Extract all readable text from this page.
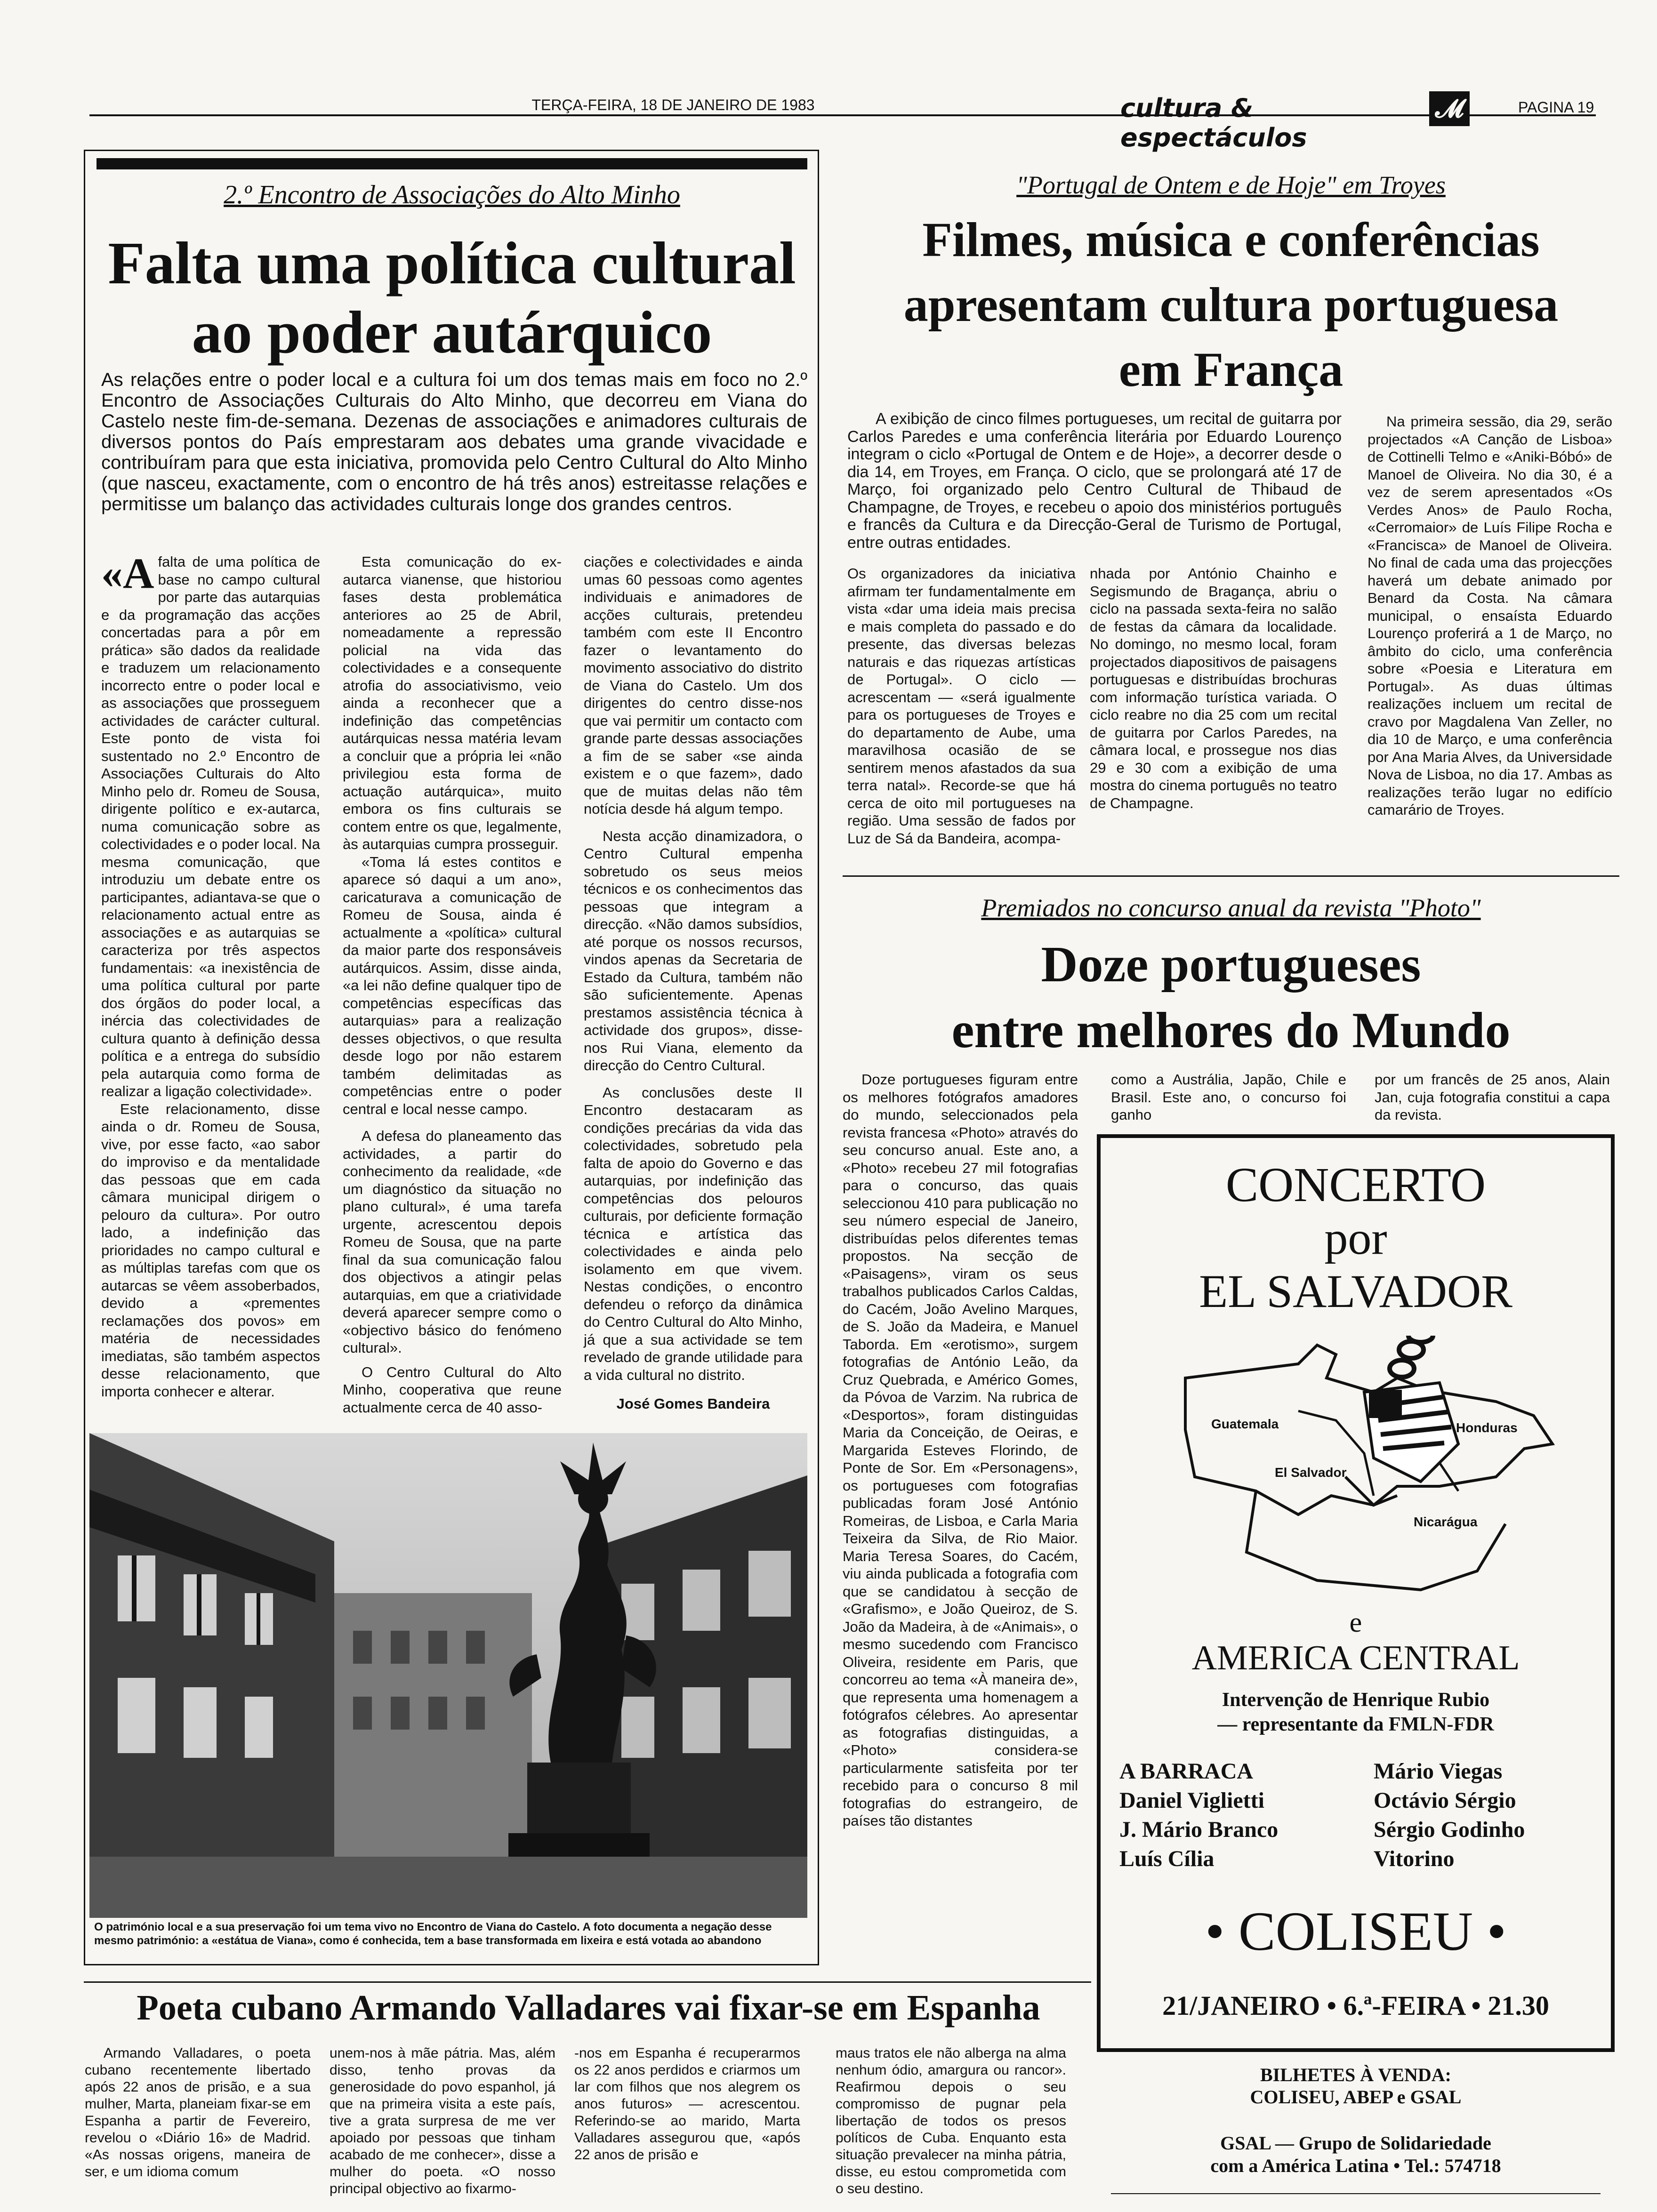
TERÇA-FEIRA, 18 DE JANEIRO DE 1983	cultura & espectáculos
𝓜	PAGINA 19
2.º Encontro de Associações do Alto Minho
Falta uma política cultural
ao poder autárquico
As relações entre o poder local e a cultura foi um dos temas mais em foco no 2.º Encontro de Associações Culturais do Alto Minho, que decorreu em Viana do Castelo neste fim-de-semana. Dezenas de associações e animadores culturais de diversos pontos do País emprestaram aos debates uma grande vivacidade e contribuíram para que esta iniciativa, promovida pelo Centro Cultural do Alto Minho (que nasceu, exactamente, com o encontro de há três anos) estreitasse relações e permitisse um balanço das actividades culturais longe dos grandes centros.
«A falta de uma política de base no campo cultural por parte das autarquias e da programação das acções concertadas para a pôr em prática» são dados da realidade e traduzem um relacionamento incorrecto entre o poder local e as associações que prosseguem actividades de carácter cultural. Este ponto de vista foi sustentado no 2.º Encontro de Associações Culturais do Alto Minho pelo dr. Romeu de Sousa, dirigente político e ex-autarca, numa comunicação sobre as colectividades e o poder local. Na mesma comunicação, que introduziu um debate entre os participantes, adiantava-se que o relacionamento actual entre as associações e as autarquias se caracteriza por três aspectos fundamentais: «a inexistência de uma política cultural por parte dos órgãos do poder local, a inércia das colectividades de cultura quanto à definição dessa política e a entrega do subsídio pela autarquia como forma de realizar a ligação colectividade».

Este relacionamento, disse ainda o dr. Romeu de Sousa, vive, por esse facto, «ao sabor do improviso e da mentalidade das pessoas que em cada câmara municipal dirigem o pelouro da cultura». Por outro lado, a indefinição das prioridades no campo cultural e as múltiplas tarefas com que os autarcas se vêem assoberbados, devido a «prementes reclamações dos povos» em matéria de necessidades imediatas, são também aspectos desse relacionamento, que importa conhecer e alterar.

Esta comunicação do ex-autarca vianense, que historiou fases desta problemática anteriores ao 25 de Abril, nomeadamente a repressão policial na vida das colectividades e a consequente atrofia do associativismo, veio ainda a reconhecer que a indefinição das competências autárquicas nessa matéria levam a concluir que a própria lei «não privilegiou esta forma de actuação autárquica», muito embora os fins culturais se contem entre os que, legalmente, às autarquias cumpra prosseguir.

«Toma lá estes contitos e aparece só daqui a um ano», caricaturava a comunicação de Romeu de Sousa, ainda é actualmente a «política» cultural da maior parte dos responsáveis autárquicos. Assim, disse ainda, «a lei não define qualquer tipo de competências específicas das autarquias» para a realização desses objectivos, o que resulta desde logo por não estarem também delimitadas as competências entre o poder central e local nesse campo.

A defesa do planeamento das actividades, a partir do conhecimento da realidade, «de um diagnóstico da situação no plano cultural», é uma tarefa urgente, acrescentou depois Romeu de Sousa, que na parte final da sua comunicação falou dos objectivos a atingir pelas autarquias, em que a criatividade deverá aparecer sempre como o «objectivo básico do fenómeno cultural».

O Centro Cultural do Alto Minho, cooperativa que reune actualmente cerca de 40 asso-

ciações e colectividades e ainda umas 60 pessoas como agentes individuais e animadores de acções culturais, pretendeu também com este II Encontro fazer o levantamento do movimento associativo do distrito de Viana do Castelo. Um dos dirigentes do centro disse-nos que vai permitir um contacto com grande parte dessas associações a fim de se saber «se ainda existem e o que fazem», dado que de muitas delas não têm notícia desde há algum tempo.

Nesta acção dinamizadora, o Centro Cultural empenha sobretudo os seus meios técnicos e os conhecimentos das pessoas que integram a direcção. «Não damos subsídios, até porque os nossos recursos, vindos apenas da Secretaria de Estado da Cultura, também não são suficientemente. Apenas prestamos assistência técnica à actividade dos grupos», disse-nos Rui Viana, elemento da direcção do Centro Cultural.

As conclusões deste II Encontro destacaram as condições precárias da vida das colectividades, sobretudo pela falta de apoio do Governo e das autarquias, por indefinição das competências dos pelouros culturais, por deficiente formação técnica e artística das colectividades e ainda pelo isolamento em que vivem. Nestas condições, o encontro defendeu o reforço da dinâmica do Centro Cultural do Alto Minho, já que a sua actividade se tem revelado de grande utilidade para a vida cultural no distrito.

José Gomes Bandeira

O património local e a sua preservação foi um tema vivo no Encontro de Viana do Castelo. A foto documenta a negação desse mesmo património: a «estátua de Viana», como é conhecida, tem a base transformada em lixeira e está votada ao abandono
"Portugal de Ontem e de Hoje" em Troyes
Filmes, música e conferências
apresentam cultura portuguesa
em França
A exibição de cinco filmes portugueses, um recital de guitarra por Carlos Paredes e uma conferência literária por Eduardo Lourenço integram o ciclo «Portugal de Ontem e de Hoje», a decorrer desde o dia 14, em Troyes, em França. O ciclo, que se prolongará até 17 de Março, foi organizado pelo Centro Cultural de Thibaud de Champagne, de Troyes, e recebeu o apoio dos ministérios português e francês da Cultura e da Direcção-Geral de Turismo de Portugal, entre outras entidades.
Os organizadores da iniciativa afirmam ter fundamentalmente em vista «dar uma ideia mais precisa e mais completa do passado e do presente, das diversas belezas naturais e das riquezas artísticas de Portugal». O ciclo — acrescentam — «será igualmente para os portugueses de Troyes e do departamento de Aube, uma maravilhosa ocasião de se sentirem menos afastados da sua terra natal». Recorde-se que há cerca de oito mil portugueses na região. Uma sessão de fados por Luz de Sá da Bandeira, acompa-
nhada por António Chainho e Segismundo de Bragança, abriu o ciclo na passada sexta-feira no salão de festas da câmara da localidade. No domingo, no mesmo local, foram projectados diapositivos de paisagens portuguesas e distribuídas brochuras com informação turística variada. O ciclo reabre no dia 25 com um recital de guitarra por Carlos Paredes, na câmara local, e prossegue nos dias 29 e 30 com a exibição de uma mostra do cinema português no teatro de Champagne.
Na primeira sessão, dia 29, serão projectados «A Canção de Lisboa» de Cottinelli Telmo e «Aniki-Bóbó» de Manoel de Oliveira. No dia 30, é a vez de serem apresentados «Os Verdes Anos» de Paulo Rocha, «Cerromaior» de Luís Filipe Rocha e «Francisca» de Manoel de Oliveira. No final de cada uma das projecções haverá um debate animado por Benard da Costa. Na câmara municipal, o ensaísta Eduardo Lourenço proferirá a 1 de Março, no âmbito do ciclo, uma conferência sobre «Poesia e Literatura em Portugal». As duas últimas realizações incluem um recital de cravo por Magdalena Van Zeller, no dia 10 de Março, e uma conferência por Ana Maria Alves, da Universidade Nova de Lisboa, no dia 17. Ambas as realizações terão lugar no edifício camarário de Troyes.
Premiados no concurso anual da revista "Photo"
Doze portugueses
entre melhores do Mundo
Doze portugueses figuram entre os melhores fotógrafos amadores do mundo, seleccionados pela revista francesa «Photo» através do seu concurso anual. Este ano, a «Photo» recebeu 27 mil fotografias para o concurso, das quais seleccionou 410 para publicação no seu número especial de Janeiro, distribuídas pelos diferentes temas propostos. Na secção de «Paisagens», viram os seus trabalhos publicados Carlos Caldas, do Cacém, João Avelino Marques, de S. João da Madeira, e Manuel Taborda. Em «erotismo», surgem fotografias de António Leão, da Cruz Quebrada, e Américo Gomes, da Póvoa de Varzim. Na rubrica de «Desportos», foram distinguidas Maria da Conceição, de Oeiras, e Margarida Esteves Florindo, de Ponte de Sor. Em «Personagens», os portugueses com fotografias publicadas foram José António Romeiras, de Lisboa, e Carla Maria Teixeira da Silva, de Rio Maior. Maria Teresa Soares, do Cacém, viu ainda publicada a fotografia com que se candidatou à secção de «Grafismo», e João Queiroz, de S. João da Madeira, à de «Animais», o mesmo sucedendo com Francisco Oliveira, residente em Paris, que concorreu ao tema «À maneira de», que representa uma homenagem a fotógrafos célebres. Ao apresentar as fotografias distinguidas, a «Photo» considera-se particularmente satisfeita por ter recebido para o concurso 8 mil fotografias do estrangeiro, de países tão distantes
como a Austrália, Japão, Chile e Brasil. Este ano, o concurso foi ganho
por um francês de 25 anos, Alain Jan, cuja fotografia constitui a capa da revista.
CONCERTO
por
EL SALVADOR
Guatemala	Honduras
El Salvador
Nicarágua
e
AMERICA CENTRAL
Intervenção de Henrique Rubio
— representante da FMLN-FDR
A BARRACA	Mário Viegas
Daniel Viglietti	Octávio Sérgio
J. Mário Branco	Sérgio Godinho
Luís Cília	Vitorino
• COLISEU •
21/JANEIRO • 6.ª-FEIRA • 21.30
BILHETES À VENDA:
COLISEU, ABEP e GSAL
GSAL — Grupo de Solidariedade
com a América Latina • Tel.: 574718
Poeta cubano Armando Valladares vai fixar-se em Espanha
Armando Valladares, o poeta cubano recentemente libertado após 22 anos de prisão, e a sua mulher, Marta, planeiam fixar-se em Espanha a partir de Fevereiro, revelou o «Diário 16» de Madrid. «As nossas origens, maneira de ser, e um idioma comum
unem-nos à mãe pátria. Mas, além disso, tenho provas da generosidade do povo espanhol, já que na primeira visita a este país, tive a grata surpresa de me ver apoiado por pessoas que tinham acabado de me conhecer», disse a mulher do poeta. «O nosso principal objectivo ao fixarmo-
-nos em Espanha é recuperarmos os 22 anos perdidos e criarmos um lar com filhos que nos alegrem os anos futuros» — acrescentou. Referindo-se ao marido, Marta Valladares assegurou que, «após 22 anos de prisão e
maus tratos ele não alberga na alma nenhum ódio, amargura ou rancor». Reafirmou depois o seu compromisso de pugnar pela libertação de todos os presos políticos de Cuba. Enquanto esta situação prevalecer na minha pátria, disse, eu estou comprometida com o seu destino.
